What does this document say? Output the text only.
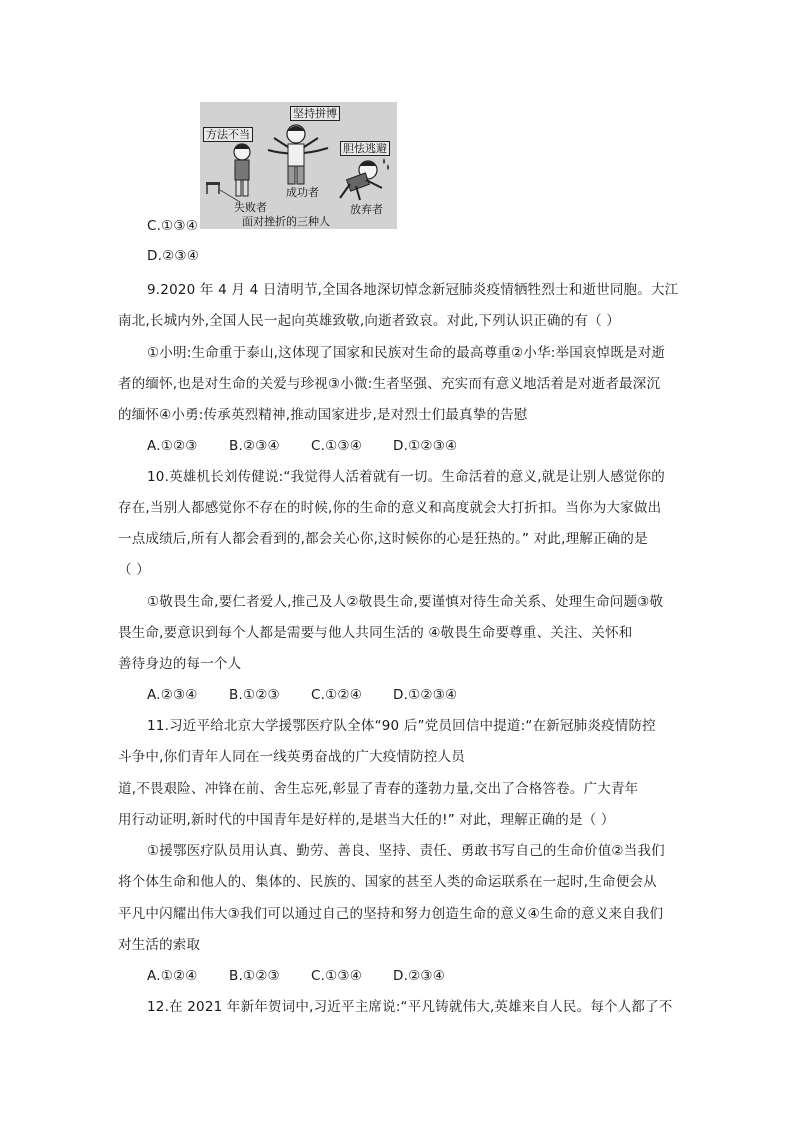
方法不当
坚持拼博
胆怯逃避
成功者
失败者	放弃者
面对挫折的三种人
C.①③④
D.②③④
9.2020 年 4 月 4 日清明节,全国各地深切悼念新冠肺炎疫情牺牲烈士和逝世同胞。大江
南北,长城内外,全国人民一起向英雄致敬,向逝者致哀。对此,下列认识正确的有（ ）
①小明:生命重于泰山,这体现了国家和民族对生命的最高尊重②小华:举国哀悼既是对逝
者的缅怀,也是对生命的关爱与珍视③小微:生者坚强、充实而有意义地活着是对逝者最深沉
的缅怀④小勇:传承英烈精神,推动国家进步,是对烈士们最真挚的告慰
A.①②③ B.②③④ C.①③④ D.①②③④
10.英雄机长刘传健说:“我觉得人活着就有一切。生命活着的意义,就是让别人感觉你的
存在,当别人都感觉你不存在的时候,你的生命的意义和高度就会大打折扣。当你为大家做出
一点成绩后,所有人都会看到的,都会关心你,这时候你的心是狂热的。” 对此,理解正确的是
（ ）
①敬畏生命,要仁者爱人,推己及人②敬畏生命,要谨慎对待生命关系、处理生命问题③敬
畏生命,要意识到每个人都是需要与他人共同生活的 ④敬畏生命要尊重、关注、关怀和
善待身边的每一个人
A.②③④ B.①②③ C.①②④ D.①②③④
11.习近平给北京大学援鄂医疗队全体“90 后”党员回信中提道:“在新冠肺炎疫情防控
斗争中,你们青年人同在一线英勇奋战的广大疫情防控人员
道,不畏艰险、冲锋在前、舍生忘死,彰显了青春的蓬勃力量,交出了合格答卷。广大青年
用行动证明,新时代的中国青年是好样的,是堪当大任的!” 对此，理解正确的是（ ）
①援鄂医疗队员用认真、勤劳、善良、坚持、责任、勇敢书写自己的生命价值②当我们
将个体生命和他人的、集体的、民族的、国家的甚至人类的命运联系在一起时,生命便会从
平凡中闪耀出伟大③我们可以通过自己的坚持和努力创造生命的意义④生命的意义来自我们
对生活的索取
A.①②④ B.①②③ C.①③④ D.②③④
12.在 2021 年新年贺词中,习近平主席说:“平凡铸就伟大,英雄来自人民。每个人都了不
